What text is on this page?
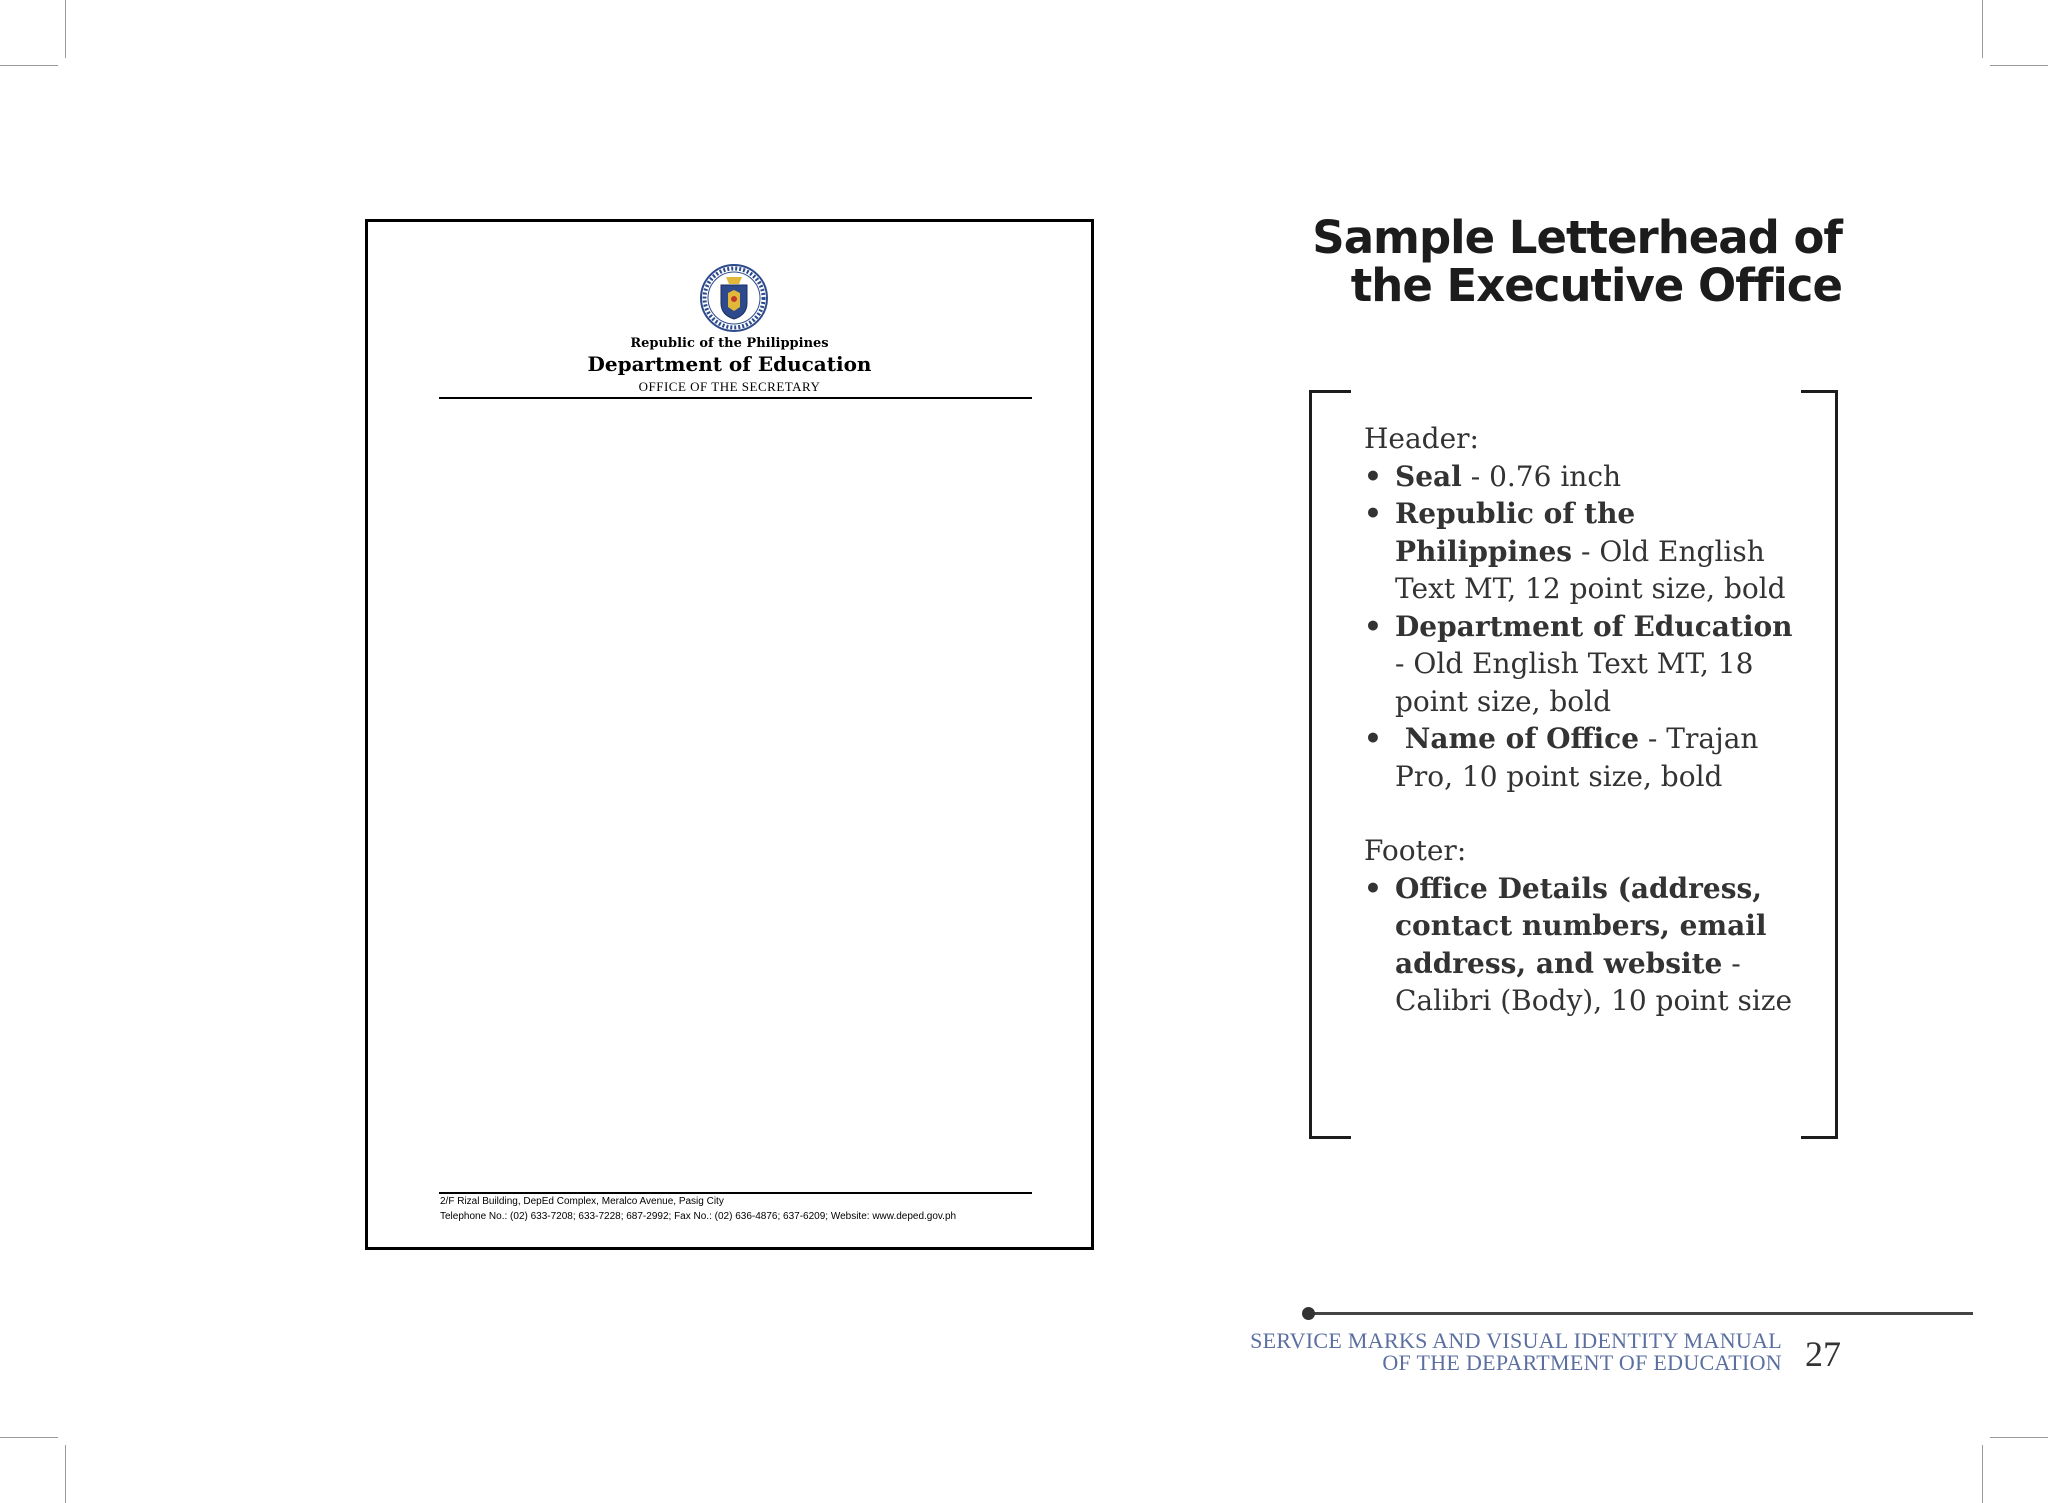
Republic of the Philippines
Department of Education
OFFICE OF THE SECRETARY
2/F Rizal Building, DepEd Complex, Meralco Avenue, Pasig City
Telephone No.: (02) 633-7208; 633-7228; 687-2992; Fax No.: (02) 636-4876; 637-6209; Website: www.deped.gov.ph
Sample Letterhead of
the Executive Office
Header:
• Seal - 0.76 inch
• Republic of the Philippines - Old English Text MT, 12 point size, bold
• Department of Education - Old English Text MT, 18 point size, bold
• Name of Office - Trajan Pro, 10 point size, bold
Footer:
• Office Details (address, contact numbers, email address, and website - Calibri (Body), 10 point size
SERVICE MARKS AND VISUAL IDENTITY MANUAL
OF THE DEPARTMENT OF EDUCATION 27
